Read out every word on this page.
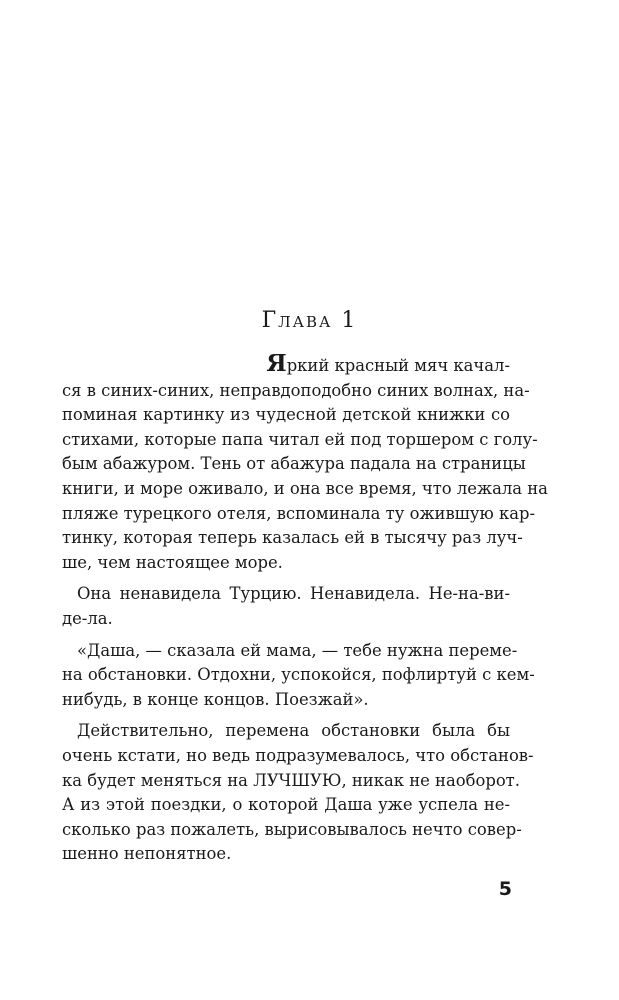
Глава 1
Яркий красный мяч качал-
ся в синих-синих, неправдоподобно синих волнах, на-
поминая картинку из чудесной детской книжки со
стихами, которые папа читал ей под торшером с голу-
бым абажуром. Тень от абажура падала на страницы
книги, и море оживало, и она все время, что лежала на
пляже турецкого отеля, вспоминала ту ожившую кар-
тинку, которая теперь казалась ей в тысячу раз луч-
ше, чем настоящее море.
Она ненавидела Турцию. Ненавидела. Не-на-ви-
де-ла.
«Даша, — сказала ей мама, — тебе нужна переме-
на обстановки. Отдохни, успокойся, пофлиртуй с кем-
нибудь, в конце концов. Поезжай».
Действительно, перемена обстановки была бы
очень кстати, но ведь подразумевалось, что обстанов-
ка будет меняться на ЛУЧШУЮ, никак не наоборот.
А из этой поездки, о которой Даша уже успела не-
сколько раз пожалеть, вырисовывалось нечто совер-
шенно непонятное.
5
